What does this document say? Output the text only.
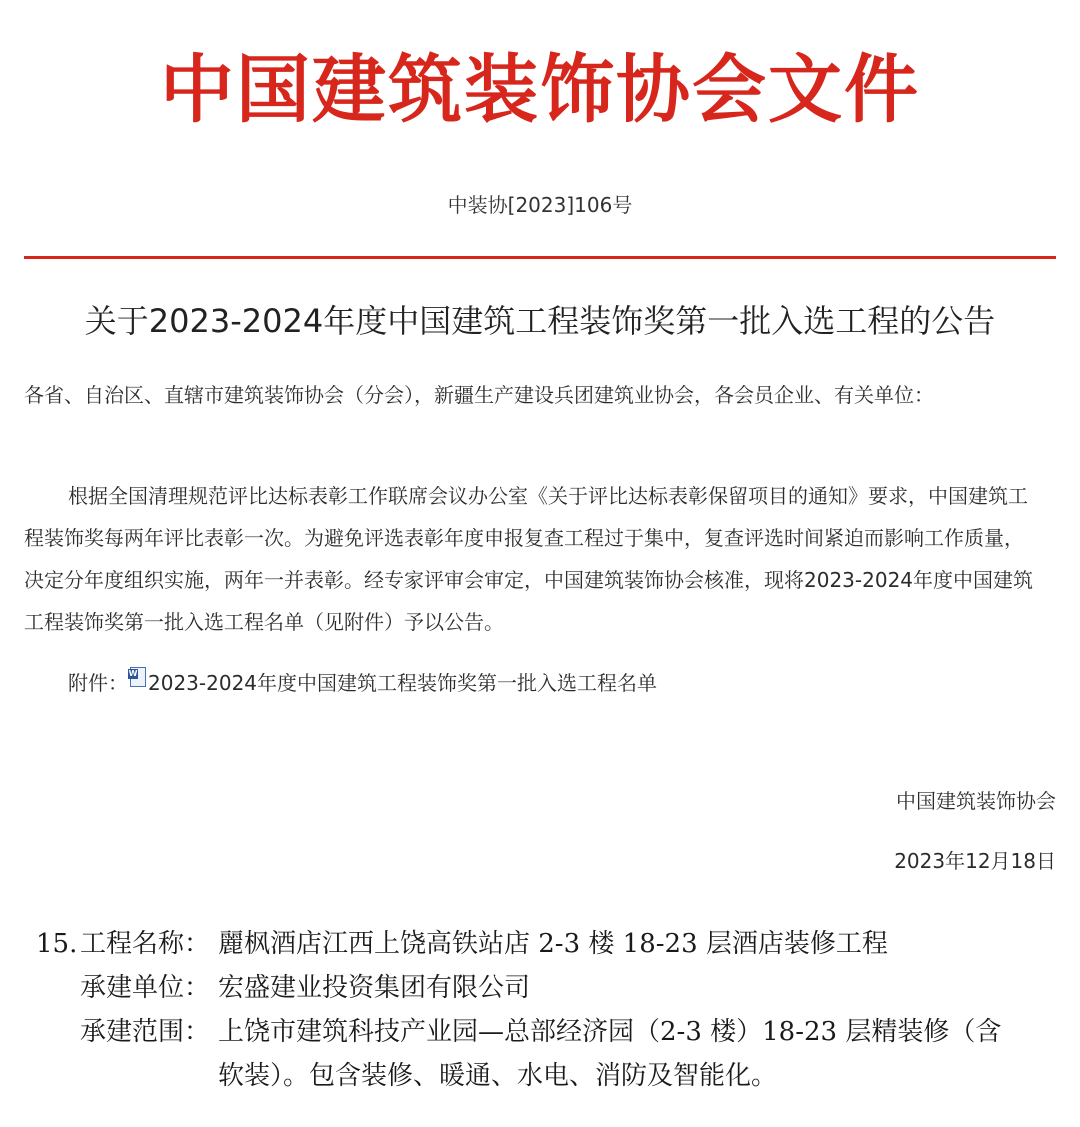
中国建筑装饰协会文件
中装协[2023]106号
关于2023-2024年度中国建筑工程装饰奖第一批入选工程的公告
各省、自治区、直辖市建筑装饰协会（分会），新疆生产建设兵团建筑业协会，各会员企业、有关单位：
根据全国清理规范评比达标表彰工作联席会议办公室《关于评比达标表彰保留项目的通知》要求，中国建筑工程装饰奖每两年评比表彰一次。为避免评选表彰年度申报复查工程过于集中，复查评选时间紧迫而影响工作质量，决定分年度组织实施，两年一并表彰。经专家评审会审定，中国建筑装饰协会核准，现将2023-2024年度中国建筑工程装饰奖第一批入选工程名单（见附件）予以公告。
附件： W 2023-2024年度中国建筑工程装饰奖第一批入选工程名单
中国建筑装饰协会
2023年12月18日
15. 工程名称： 麗枫酒店江西上饶高铁站店 2-3 楼 18-23 层酒店装修工程
承建单位： 宏盛建业投资集团有限公司
承建范围： 上饶市建筑科技产业园—总部经济园（2-3 楼）18-23 层精装修（含软装）。包含装修、暖通、水电、消防及智能化。
